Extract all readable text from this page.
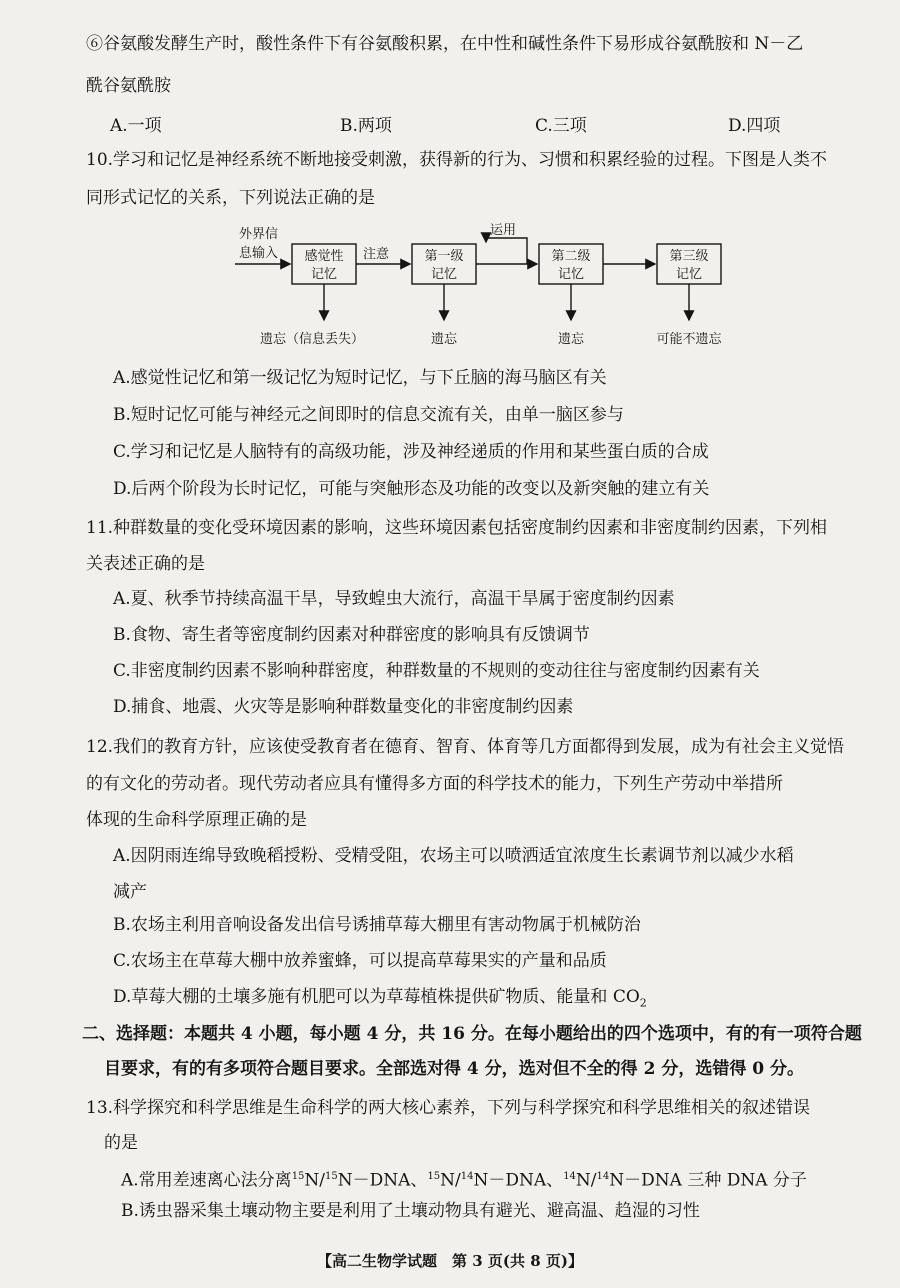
⑥谷氨酸发酵生产时，酸性条件下有谷氨酸积累，在中性和碱性条件下易形成谷氨酰胺和 N－乙
酰谷氨酰胺
A.一项	B.两项	C.三项	D.四项
10.学习和记忆是神经系统不断地接受刺激，获得新的行为、习惯和积累经验的过程。下图是人类不
同形式记忆的关系，下列说法正确的是
外界信
息输入 感觉性
记忆
注意	第一级
记忆
运用
第二级
记忆
第三级
记忆
遗忘（信息丢失）	遗忘	遗忘	可能不遗忘
A.感觉性记忆和第一级记忆为短时记忆，与下丘脑的海马脑区有关
B.短时记忆可能与神经元之间即时的信息交流有关，由单一脑区参与
C.学习和记忆是人脑特有的高级功能，涉及神经递质的作用和某些蛋白质的合成
D.后两个阶段为长时记忆，可能与突触形态及功能的改变以及新突触的建立有关
11.种群数量的变化受环境因素的影响，这些环境因素包括密度制约因素和非密度制约因素，下列相
关表述正确的是
A.夏、秋季节持续高温干旱，导致蝗虫大流行，高温干旱属于密度制约因素
B.食物、寄生者等密度制约因素对种群密度的影响具有反馈调节
C.非密度制约因素不影响种群密度，种群数量的不规则的变动往往与密度制约因素有关
D.捕食、地震、火灾等是影响种群数量变化的非密度制约因素
12.我们的教育方针，应该使受教育者在德育、智育、体育等几方面都得到发展，成为有社会主义觉悟
的有文化的劳动者。现代劳动者应具有懂得多方面的科学技术的能力，下列生产劳动中举措所
体现的生命科学原理正确的是
A.因阴雨连绵导致晚稻授粉、受精受阻，农场主可以喷洒适宜浓度生长素调节剂以减少水稻
减产
B.农场主利用音响设备发出信号诱捕草莓大棚里有害动物属于机械防治
C.农场主在草莓大棚中放养蜜蜂，可以提高草莓果实的产量和品质
D.草莓大棚的土壤多施有机肥可以为草莓植株提供矿物质、能量和 $CO_2$
二、选择题：本题共 4 小题，每小题 4 分，共 16 分。在每小题给出的四个选项中，有的有一项符合题
目要求，有的有多项符合题目要求。全部选对得 4 分，选对但不全的得 2 分，选错得 0 分。
13.科学探究和科学思维是生命科学的两大核心素养，下列与科学探究和科学思维相关的叙述错误
的是
A.常用差速离心法分离$^{15}$N/$^{15}$N－DNA、$^{15}$N/$^{14}$N－DNA、$^{14}$N/$^{14}$N－DNA 三种 DNA 分子
B.诱虫器采集土壤动物主要是利用了土壤动物具有避光、避高温、趋湿的习性
【高二生物学试题　第 3 页(共 8 页)】
